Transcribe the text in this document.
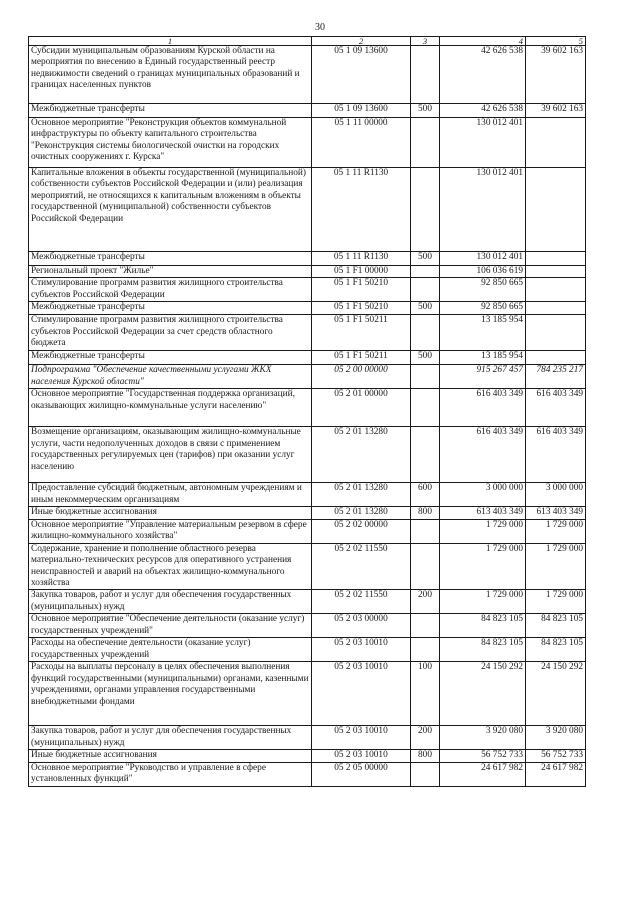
30
1	2	3	4	5
Субсидии муниципальным образованиям Курской области на мероприятия по внесению в Единый государственный реестр недвижимости сведений о границах муниципальных образований и границах населенных пунктов	05 1 09 13600		42 626 538	39 602 163
Межбюджетные трансферты	05 1 09 13600	500	42 626 538	39 602 163
Основное мероприятие "Реконструкция объектов коммунальной инфраструктуры по объекту капитального строительства "Реконструкция системы биологической очистки на городских очистных сооружениях г. Курска"	05 1 11 00000		130 012 401	
Капитальные вложения в объекты государственной (муниципальной) собственности субъектов Российской Федерации и (или) реализация мероприятий, не относящихся к капитальным вложениям в объекты государственной (муниципальной) собственности субъектов Российской Федерации	05 1 11 R1130		130 012 401	
Межбюджетные трансферты	05 1 11 R1130	500	130 012 401	
Региональный проект "Жилье"	05 1 F1 00000		106 036 619	
Стимулирование программ развития жилищного строительства субъектов Российской Федерации	05 1 F1 50210		92 850 665	
Межбюджетные трансферты	05 1 F1 50210	500	92 850 665	
Стимулирование программ развития жилищного строительства субъектов Российской Федерации за счет средств областного бюджета	05 1 F1 50211		13 185 954	
Межбюджетные трансферты	05 1 F1 50211	500	13 185 954	
Подпрограмма "Обеспечение качественными услугами ЖКХ населения Курской области"	05 2 00 00000		915 267 457	784 235 217
Основное мероприятие "Государственная поддержка организаций, оказывающих жилищно-коммунальные услуги населению"	05 2 01 00000		616 403 349	616 403 349
Возмещение организациям, оказывающим жилищно-коммунальные услуги, части недополученных доходов в связи с применением государственных регулируемых цен (тарифов) при оказании услуг населению	05 2 01 13280		616 403 349	616 403 349
Предоставление субсидий бюджетным, автономным учреждениям и иным некоммерческим организациям	05 2 01 13280	600	3 000 000	3 000 000
Иные бюджетные ассигнования	05 2 01 13280	800	613 403 349	613 403 349
Основное мероприятие "Управление материальным резервом в сфере жилищно-коммунального хозяйства"	05 2 02 00000		1 729 000	1 729 000
Содержание, хранение и пополнение областного резерва материально-технических ресурсов для оперативного устранения неисправностей и аварий на объектах жилищно-коммунального хозяйства	05 2 02 11550		1 729 000	1 729 000
Закупка товаров, работ и услуг для обеспечения государственных (муниципальных) нужд	05 2 02 11550	200	1 729 000	1 729 000
Основное мероприятие "Обеспечение деятельности (оказание услуг) государственных учреждений"	05 2 03 00000		84 823 105	84 823 105
Расходы на обеспечение деятельности (оказание услуг) государственных учреждений	05 2 03 10010		84 823 105	84 823 105
Расходы на выплаты персоналу в целях обеспечения выполнения функций государственными (муниципальными) органами, казенными учреждениями, органами управления государственными внебюджетными фондами	05 2 03 10010	100	24 150 292	24 150 292
Закупка товаров, работ и услуг для обеспечения государственных (муниципальных) нужд	05 2 03 10010	200	3 920 080	3 920 080
Иные бюджетные ассигнования	05 2 03 10010	800	56 752 733	56 752 733
Основное мероприятие "Руководство и управление в сфере установленных функций"	05 2 05 00000		24 617 982	24 617 982
